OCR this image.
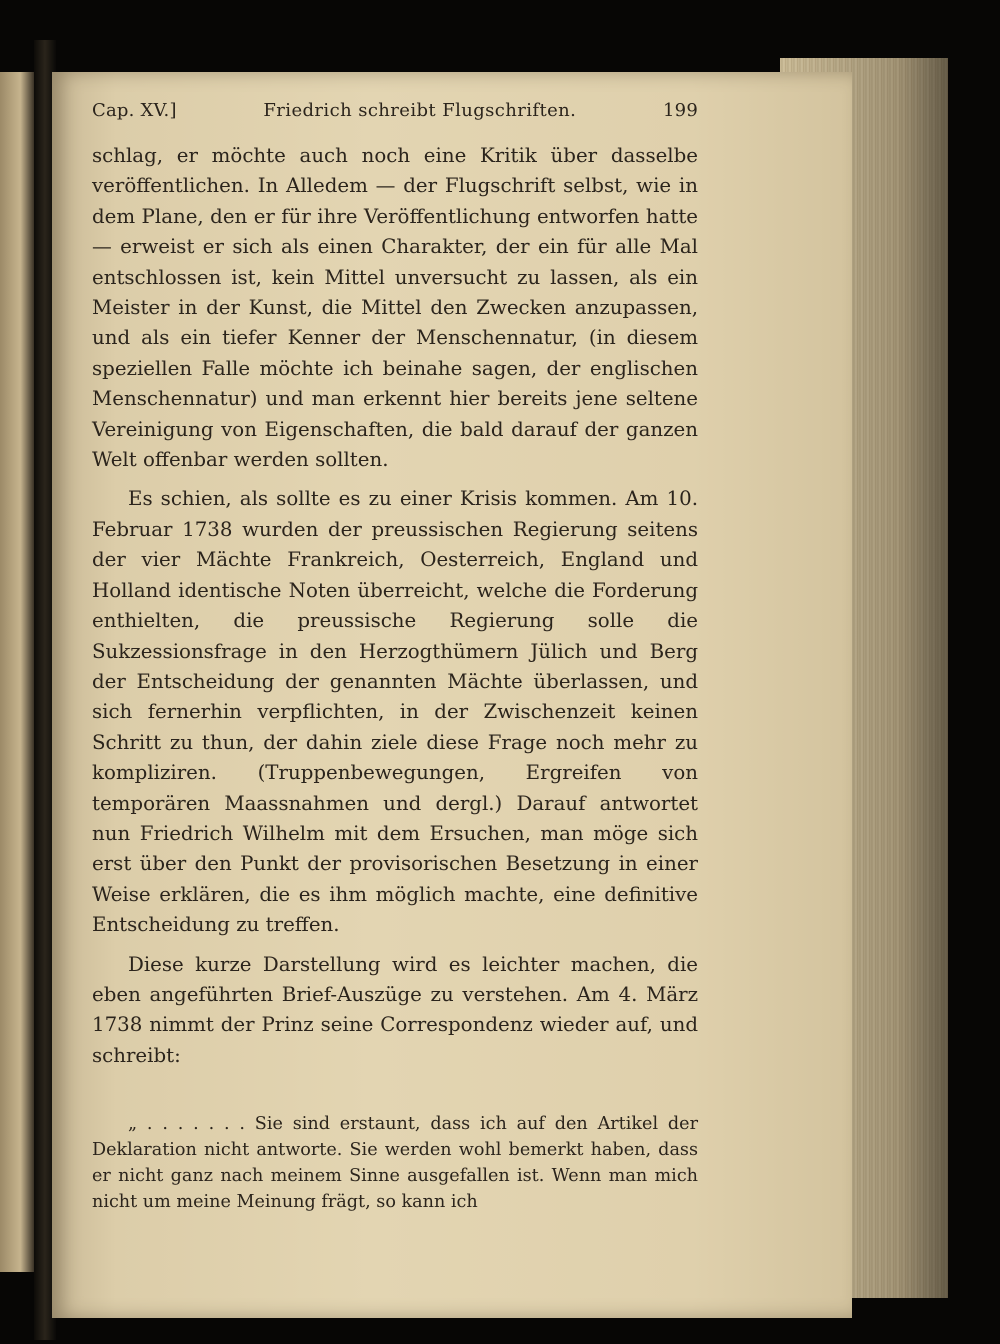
Cap. XV.]	Friedrich schreibt Flugschriften.	199

schlag, er möchte auch noch eine Kritik über dasselbe veröffentlichen. In Alledem — der Flugschrift selbst, wie in dem Plane, den er für ihre Veröffentlichung entworfen hatte — erweist er sich als einen Charakter, der ein für alle Mal entschlossen ist, kein Mittel unversucht zu lassen, als ein Meister in der Kunst, die Mittel den Zwecken anzupassen, und als ein tiefer Kenner der Menschennatur, (in diesem speziellen Falle möchte ich beinahe sagen, der englischen Menschennatur) und man erkennt hier bereits jene seltene Vereinigung von Eigenschaften, die bald darauf der ganzen Welt offenbar werden sollten.

Es schien, als sollte es zu einer Krisis kommen. Am 10. Februar 1738 wurden der preussischen Regierung seitens der vier Mächte Frankreich, Oesterreich, England und Holland identische Noten überreicht, welche die Forderung enthielten, die preussische Regierung solle die Sukzessionsfrage in den Herzogthümern Jülich und Berg der Entscheidung der genannten Mächte überlassen, und sich fernerhin verpflichten, in der Zwischenzeit keinen Schritt zu thun, der dahin ziele diese Frage noch mehr zu kompliziren. (Truppenbewegungen, Ergreifen von temporären Maassnahmen und dergl.) Darauf antwortet nun Friedrich Wilhelm mit dem Ersuchen, man möge sich erst über den Punkt der provisorischen Besetzung in einer Weise erklären, die es ihm möglich machte, eine definitive Entscheidung zu treffen.

Diese kurze Darstellung wird es leichter machen, die eben angeführten Brief-Auszüge zu verstehen. Am 4. März 1738 nimmt der Prinz seine Correspondenz wieder auf, und schreibt:

„ . . . . . . . Sie sind erstaunt, dass ich auf den Artikel der Deklaration nicht antworte. Sie werden wohl bemerkt haben, dass er nicht ganz nach meinem Sinne ausgefallen ist. Wenn man mich nicht um meine Meinung frägt, so kann ich
